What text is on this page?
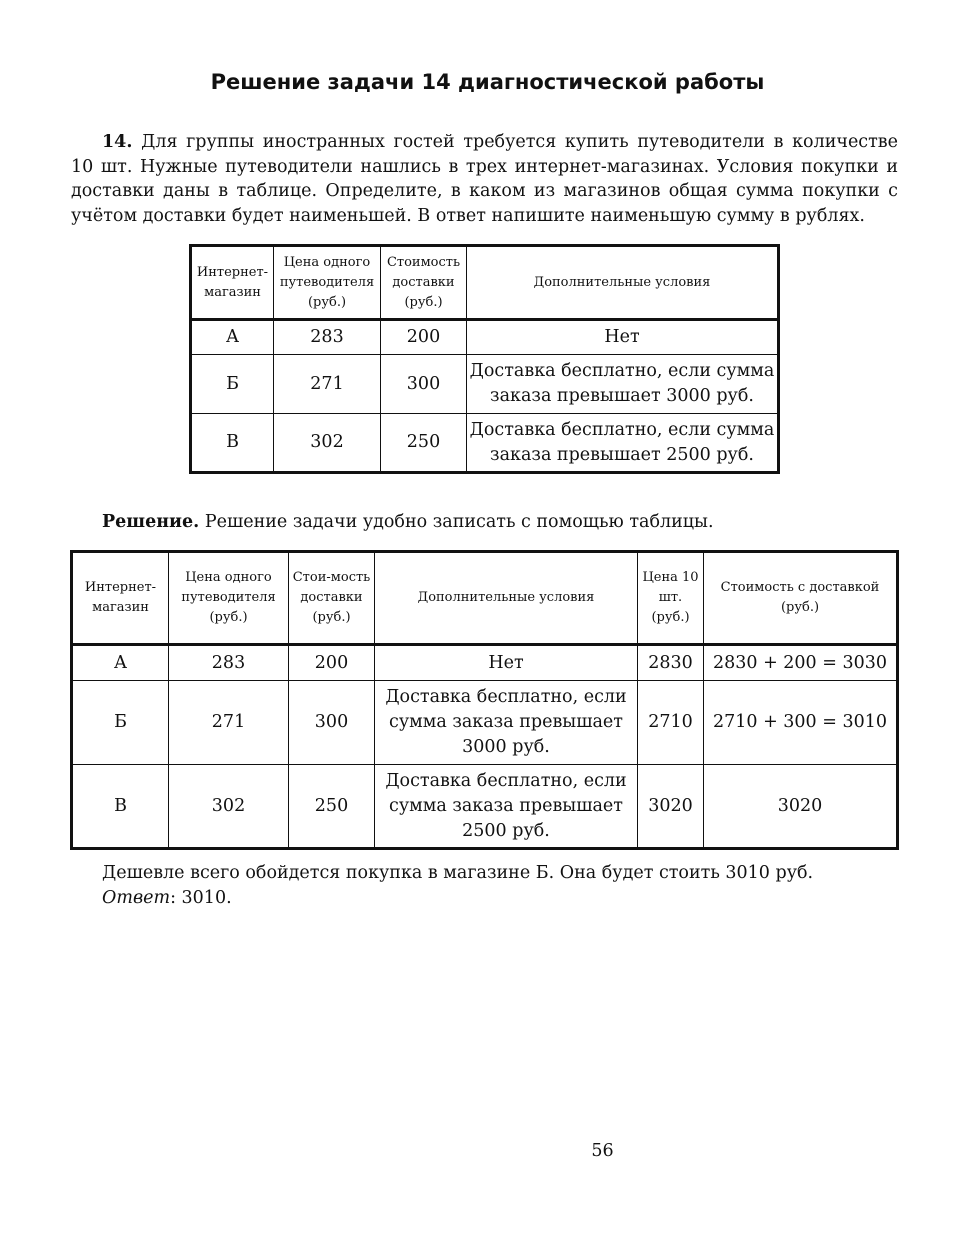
Решение задачи 14 диагностической работы

14. Для группы иностранных гостей требуется купить путеводители в количестве 10 шт. Нужные путеводители нашлись в трех интернет-магазинах. Условия покупки и доставки даны в таблице. Определите, в каком из магазинов общая сумма покупки с учётом доставки будет наименьшей. В ответ напишите наименьшую сумму в рублях.

Интернет-магазин	Цена одного путеводителя (руб.)	Стоимость доставки (руб.)	Дополнительные условия
А	283	200	Нет
Б	271	300	Доставка бесплатно, если сумма заказа превышает 3000 руб.
В	302	250	Доставка бесплатно, если сумма заказа превышает 2500 руб.

Решение. Решение задачи удобно записать с помощью таблицы.

Интернет-магазин	Цена одного путеводителя (руб.)	Стои-мость доставки (руб.)	Дополнительные условия	Цена 10 шт. (руб.)	Стоимость с доставкой (руб.)
А	283	200	Нет	2830	2830 + 200 = 3030
Б	271	300	Доставка бесплатно, если сумма заказа превышает 3000 руб.	2710	2710 + 300 = 3010
В	302	250	Доставка бесплатно, если сумма заказа превышает 2500 руб.	3020	3020
Дешевле всего обойдется покупка в магазине Б. Она будет стоить 3010 руб.
Ответ: 3010.
56
